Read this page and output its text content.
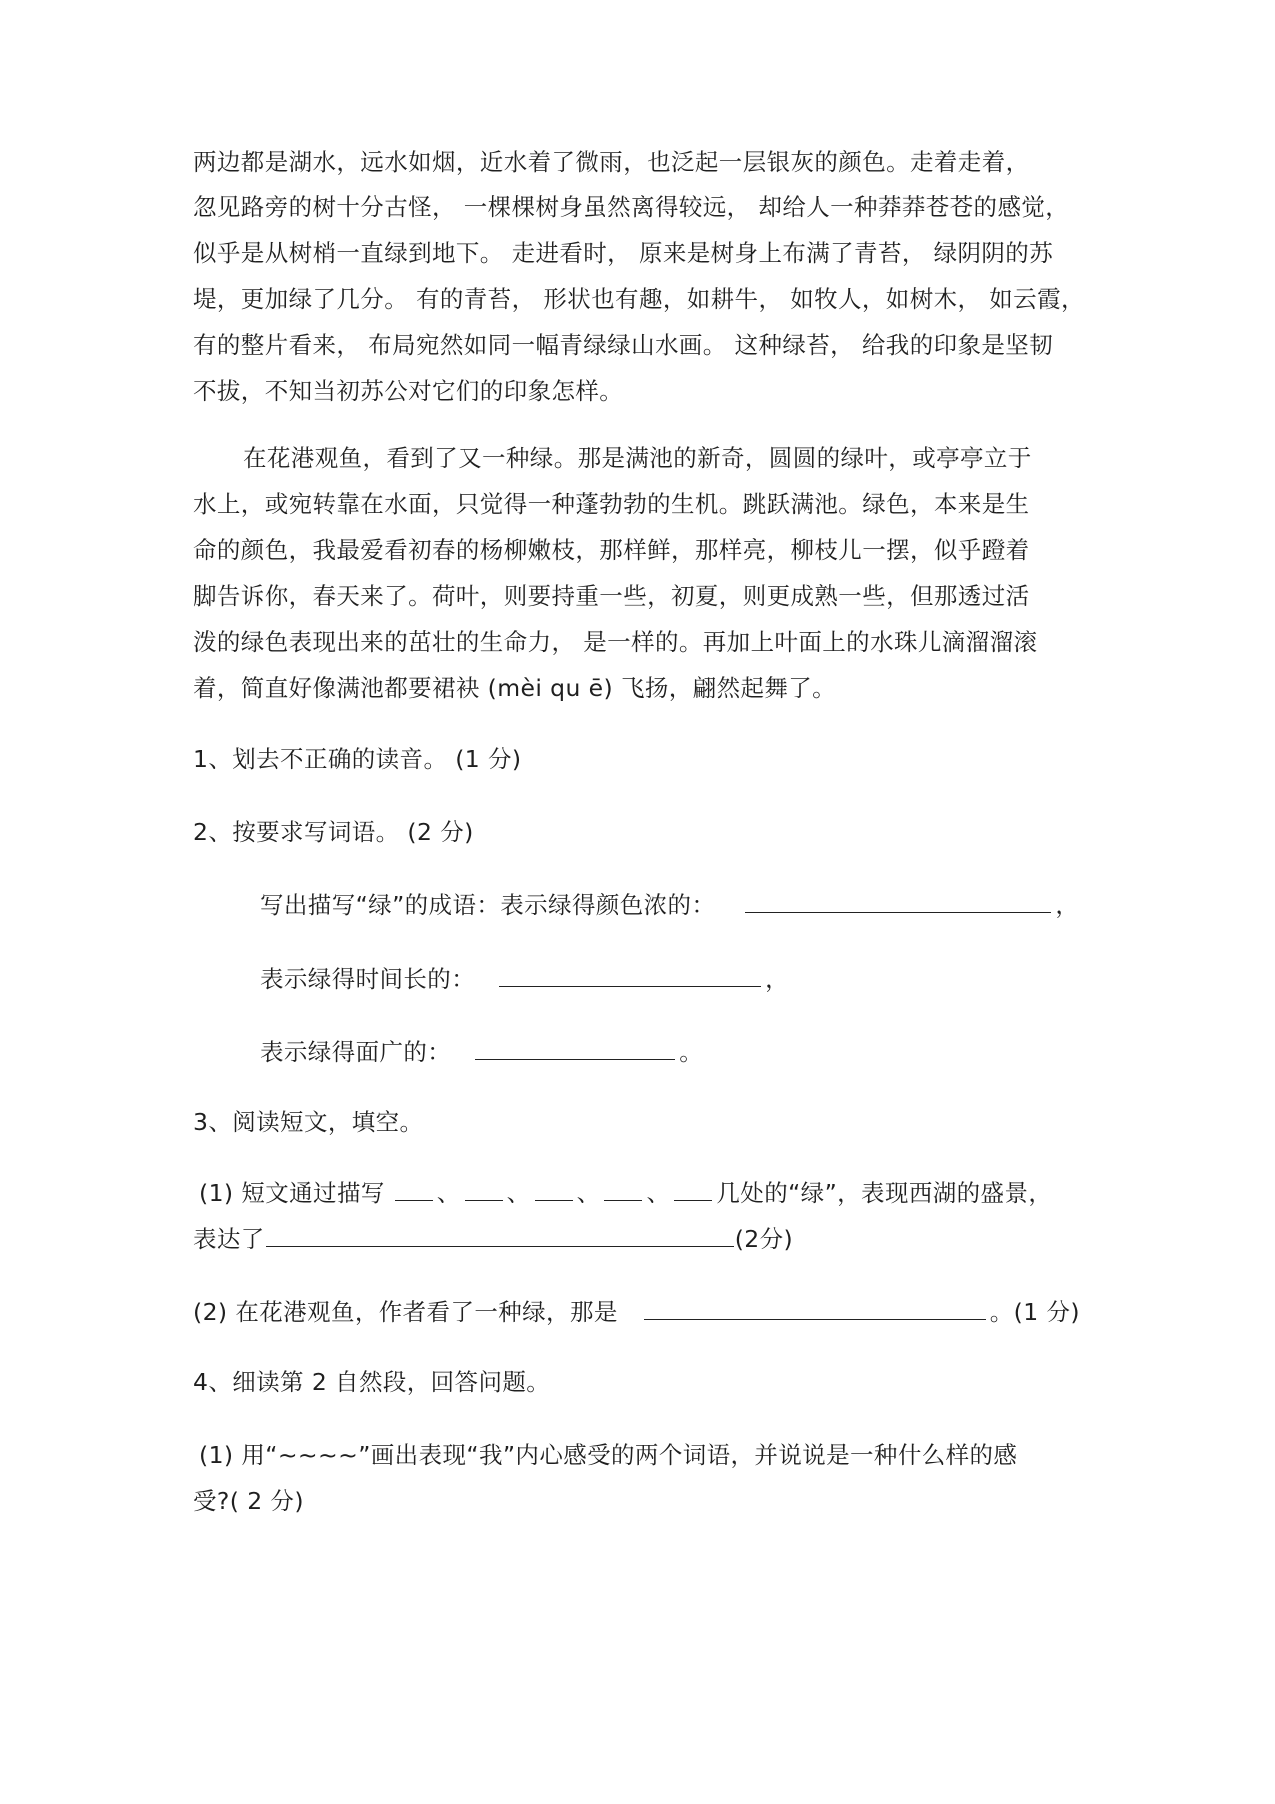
两边都是湖水，远水如烟，近水着了微雨，也泛起一层银灰的颜色。走着走着，
忽见路旁的树十分古怪， 一棵棵树身虽然离得较远， 却给人一种莽莽苍苍的感觉，
似乎是从树梢一直绿到地下。 走进看时， 原来是树身上布满了青苔， 绿阴阴的苏
堤，更加绿了几分。 有的青苔， 形状也有趣，如耕牛， 如牧人，如树木， 如云霞，
有的整片看来， 布局宛然如同一幅青绿绿山水画。 这种绿苔， 给我的印象是坚韧
不拔，不知当初苏公对它们的印象怎样。
在花港观鱼，看到了又一种绿。那是满池的新奇，圆圆的绿叶，或亭亭立于
水上，或宛转靠在水面，只觉得一种蓬勃勃的生机。跳跃满池。绿色，本来是生
命的颜色，我最爱看初春的杨柳嫩枝，那样鲜，那样亮，柳枝儿一摆，似乎蹬着
脚告诉你，春天来了。荷叶，则要持重一些，初夏，则更成熟一些，但那透过活
泼的绿色表现出来的茁壮的生命力， 是一样的。再加上叶面上的水珠儿滴溜溜滚
着，简直好像满池都要裙袂 (mèi qu ē) 飞扬，翩然起舞了。
1、划去不正确的读音。 (1 分)
2、按要求写词语。 (2 分)
写出描写“绿”的成语：表示绿得颜色浓的：	，
表示绿得时间长的：	，
表示绿得面广的：	。
3、阅读短文，填空。
(1) 短文通过描写 、 、 、 、 几处的“绿”，表现西湖的盛景，
表达了	(2分)
(2) 在花港观鱼，作者看了一种绿，那是	。(1 分)
4、细读第 2 自然段，回答问题。
(1) 用“~~~~”画出表现“我”内心感受的两个词语，并说说是一种什么样的感
受?( 2 分)
